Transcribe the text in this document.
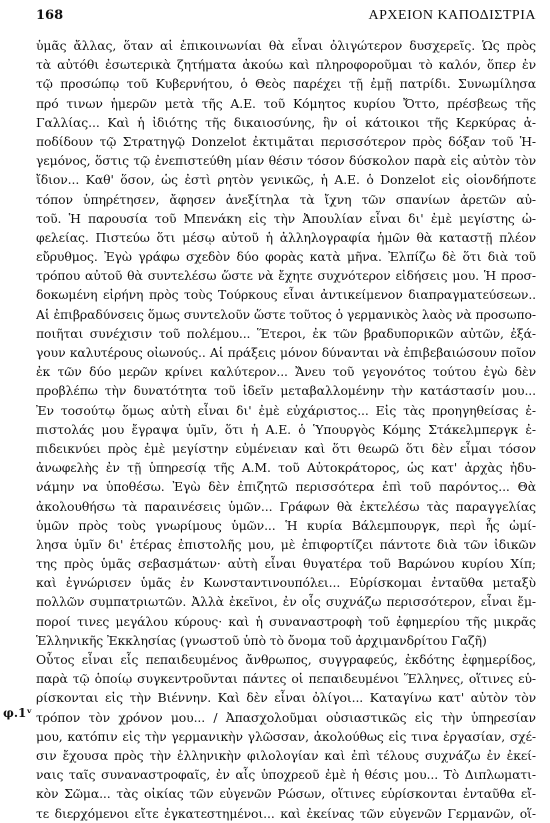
168	ΑΡΧΕΙΟΝ ΚΑΠΟΔΙΣΤΡΙΑ
φ.1ᵛ
ὑμᾶς ἄλλας, ὅταν αἱ ἐπικοινωνίαι θὰ εἶναι ὀλιγώτερον δυσχερεῖς. Ὡς πρὸς
τὰ αὐτόθι ἐσωτερικὰ ζητήματα ἀκούω καὶ πληροφοροῦμαι τὸ καλόν, ὅπερ ἐν
τῷ προσώπῳ τοῦ Κυβερνήτου, ὁ Θεὸς παρέχει τῇ ἐμῇ πατρίδι. Συνωμίλησα
πρό τινων ἡμερῶν μετὰ τῆς Α.Ε. τοῦ Κόμητος κυρίου Ὄττο, πρέσβεως τῆς
Γαλλίας... Καὶ ἡ ἰδιότης τῆς δικαιοσύνης, ἣν οἱ κάτοικοι τῆς Κερκύρας ἀ-
ποδίδουν τῷ Στρατηγῷ Donzelot ἐκτιμᾶται περισσότερον πρὸς δόξαν τοῦ Ἡ-
γεμόνος, ὅστις τῷ ἐνεπιστεύθη μίαν θέσιν τόσον δύσκολον παρὰ εἰς αὐτὸν τὸν
ἴδιον... Καθ' ὅσον, ὡς ἐστὶ ρητὸν γενικῶς, ἡ Α.Ε. ὁ Donzelot εἰς οἱονδήποτε
τόπον ὑπηρέτησεν, ἄφησεν ἀνεξίτηλα τὰ ἴχνη τῶν σπανίων ἀρετῶν αὐ-
τοῦ. Ἡ παρουσία τοῦ Μπενάκη εἰς τὴν Ἀπουλίαν εἶναι δι' ἐμὲ μεγίστης ὠ-
φελείας. Πιστεύω ὅτι μέσῳ αὐτοῦ ἡ ἀλληλογραφία ἡμῶν θὰ καταστῇ πλέον
εὔρυθμος. Ἐγὼ γράφω σχεδὸν δύο φορὰς κατὰ μῆνα. Ἐλπίζω δὲ ὅτι διὰ τοῦ
τρόπου αὐτοῦ θὰ συντελέσω ὥστε νὰ ἔχητε συχνότερον εἰδήσεις μου. Ἡ προσ-
δοκωμένη εἰρήνη πρὸς τοὺς Τούρκους εἶναι ἀντικείμενον διαπραγματεύσεων..
Αἱ ἐπιβραδύνσεις ὅμως συντελοῦν ὥστε τοῦτος ὁ γερμανικὸς λαὸς νὰ προσωπο-
ποιῆται συνέχισιν τοῦ πολέμου... Ἕτεροι, ἐκ τῶν βραδυπορικῶν αὐτῶν, ἐξά-
γουν καλυτέρους οἰωνούς.. Αἱ πράξεις μόνον δύνανται νὰ ἐπιβεβαιώσουν ποῖον
ἐκ τῶν δύο μερῶν κρίνει καλύτερον... Ἄνευ τοῦ γεγονότος τούτου ἐγὼ δὲν
προβλέπω τὴν δυνατότητα τοῦ ἰδεῖν μεταβαλλομένην τὴν κατάστασίν μου...
Ἐν τοσούτῳ ὅμως αὐτὴ εἶναι δι' ἐμὲ εὐχάριστος... Εἰς τὰς προηγηθείσας ἐ-
πιστολάς μου ἔγραψα ὑμῖν, ὅτι ἡ Α.Ε. ὁ Ὑπουργὸς Κόμης Στάκελμπεργκ ἐ-
πιδεικνύει πρὸς ἐμὲ μεγίστην εὐμένειαν καὶ ὅτι θεωρῶ ὅτι δὲν εἶμαι τόσον
ἀνωφελὴς ἐν τῇ ὑπηρεσίᾳ τῆς Α.Μ. τοῦ Αὐτοκράτορος, ὡς κατ' ἀρχὰς ἠδυ-
νάμην να ὑποθέσω. Ἐγὼ δὲν ἐπιζητῶ περισσότερα ἐπὶ τοῦ παρόντος... Θὰ
ἀκολουθήσω τὰ παραινέσεις ὑμῶν... Γράφων θὰ ἐκτελέσω τὰς παραγγελίας
ὑμῶν πρὸς τοὺς γνωρίμους ὑμῶν... Ἡ κυρία Βάλεμπουργκ, περὶ ἧς ὡμί-
λησα ὑμῖν δι' ἑτέρας ἐπιστολῆς μου, μὲ ἐπιφορτίζει πάντοτε διὰ τῶν ἰδικῶν
της πρὸς ὑμᾶς σεβασμάτων· αὐτὴ εἶναι θυγατέρα τοῦ Βαρώνου κυρίου Χίπ;
καὶ ἐγνώρισεν ὑμᾶς ἐν Κωνσταντινουπόλει... Εὑρίσκομαι ἐνταῦθα μεταξὺ
πολλῶν συμπατριωτῶν. Ἀλλὰ ἐκεῖνοι, ἐν οἷς συχνάζω περισσότερον, εἶναι ἔμ-
ποροί τινες μεγάλου κύρους· καὶ ἡ συναναστροφὴ τοῦ ἐφημερίου τῆς μικρᾶς
Ἑλληνικῆς Ἐκκλησίας (γνωστοῦ ὑπὸ τὸ ὄνομα τοῦ ἀρχιμανδρίτου Γαζῆ)
Οὗτος εἶναι εἷς πεπαιδευμένος ἄνθρωπος, συγγραφεύς, ἐκδότης ἐφημερίδος,
παρὰ τῷ ὁποίῳ συγκεντροῦνται πάντες οἱ πεπαιδευμένοι Ἕλληνες, οἵτινες εὑ-
ρίσκονται εἰς τὴν Βιέννην. Καὶ δὲν εἶναι ὀλίγοι... Καταγίνω κατ' αὐτὸν τὸν
τρόπον τὸν χρόνον μου... / Ἀπασχολοῦμαι οὐσιαστικῶς εἰς τὴν ὑπηρεσίαν
μου, κατόπιν εἰς τὴν γερμανικὴν γλῶσσαν, ἀκολούθως εἰς τινα ἐργασίαν, σχέ-
σιν ἔχουσα πρὸς τὴν ἑλληνικὴν φιλολογίαν καὶ ἐπὶ τέλους συχνάζω ἐν ἐκεί-
ναις ταῖς συναναστροφαῖς, ἐν αἷς ὑποχρεοῦ ἐμὲ ἡ θέσις μου... Τὸ Διπλωματι-
κὸν Σῶμα... τὰς οἰκίας τῶν εὐγενῶν Ρώσων, οἵτινες εὑρίσκονται ἐνταῦθα εἴ-
τε διερχόμενοι εἴτε ἐγκατεστημένοι... καὶ ἐκείνας τῶν εὐγενῶν Γερμανῶν, οἵ-
